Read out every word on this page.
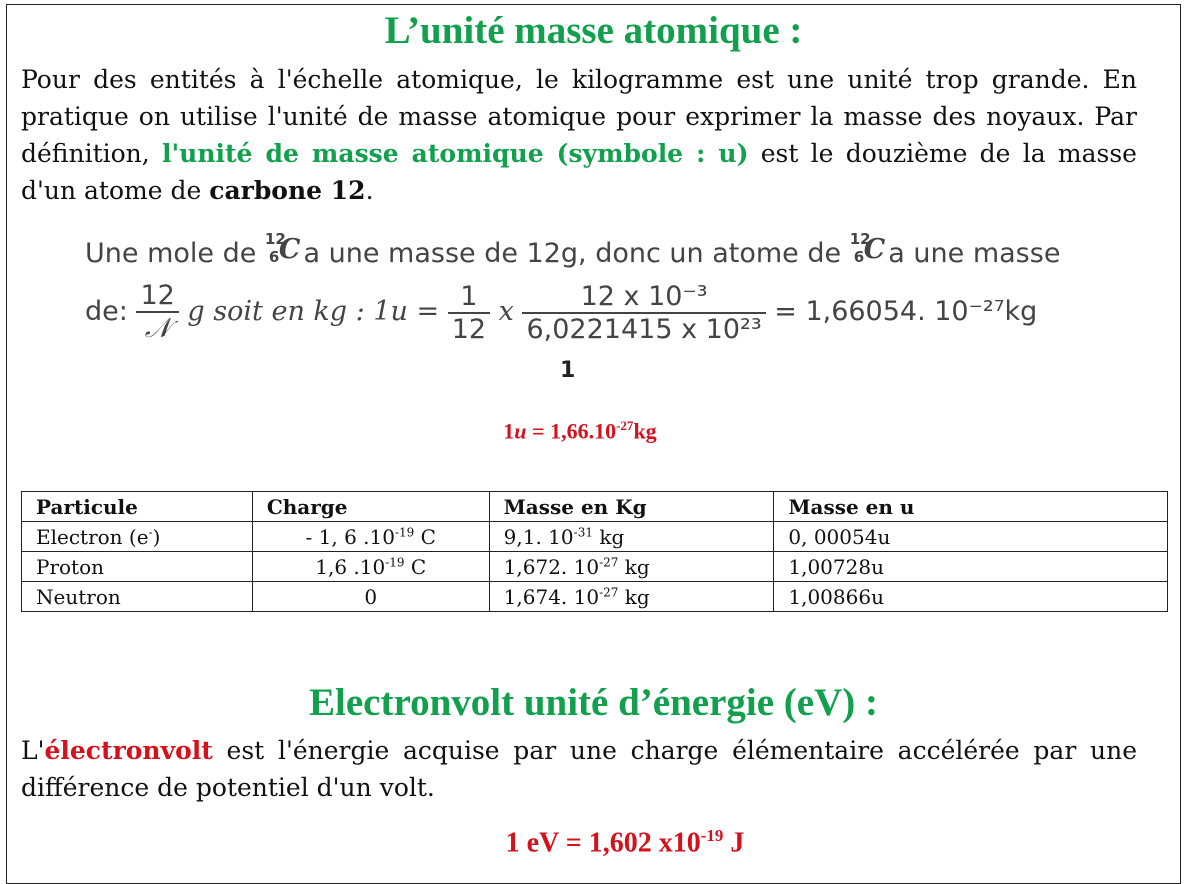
L’unité masse atomique :
Pour des entités à l'échelle atomique, le kilogramme est une unité trop grande. En pratique on utilise l'unité de masse atomique pour exprimer la masse des noyaux. Par définition, l'unité de masse atomique (symbole : u) est le douzième de la masse d'un atome de carbone 12.
Une mole de 12
6 C
a une masse de 12g, donc un atome de 12
6 C
a une masse
de: $\frac{12}{\text{𝒩}}$ g soit en kg : $1u = \frac{1}{12}$ x $\frac{\text{12 x 10⁻³}}{\text{6,0221415 x 10²³}} = 1,66054$. 10⁻²⁷kg
1
$1u = 1,66.10^{-27}kg$
Particule	Charge	Masse en Kg	Masse en u
Electron (e-)	- 1, 6 $.10^{-19}$ C	9,1. $10^{-31}$ kg	0, 00054u
Proton	1,6 $.10^{-19}$ C	1,672. $10^{-27}$ kg	1,00728u
Neutron	0	1,674. $10^{-27}$ kg	1,00866u
Electronvolt unité d’énergie (eV) :
L'électronvolt est l'énergie acquise par une charge élémentaire accélérée par une différence de potentiel d'un volt.
1 eV = 1,602 $x10^{-19}$ J
